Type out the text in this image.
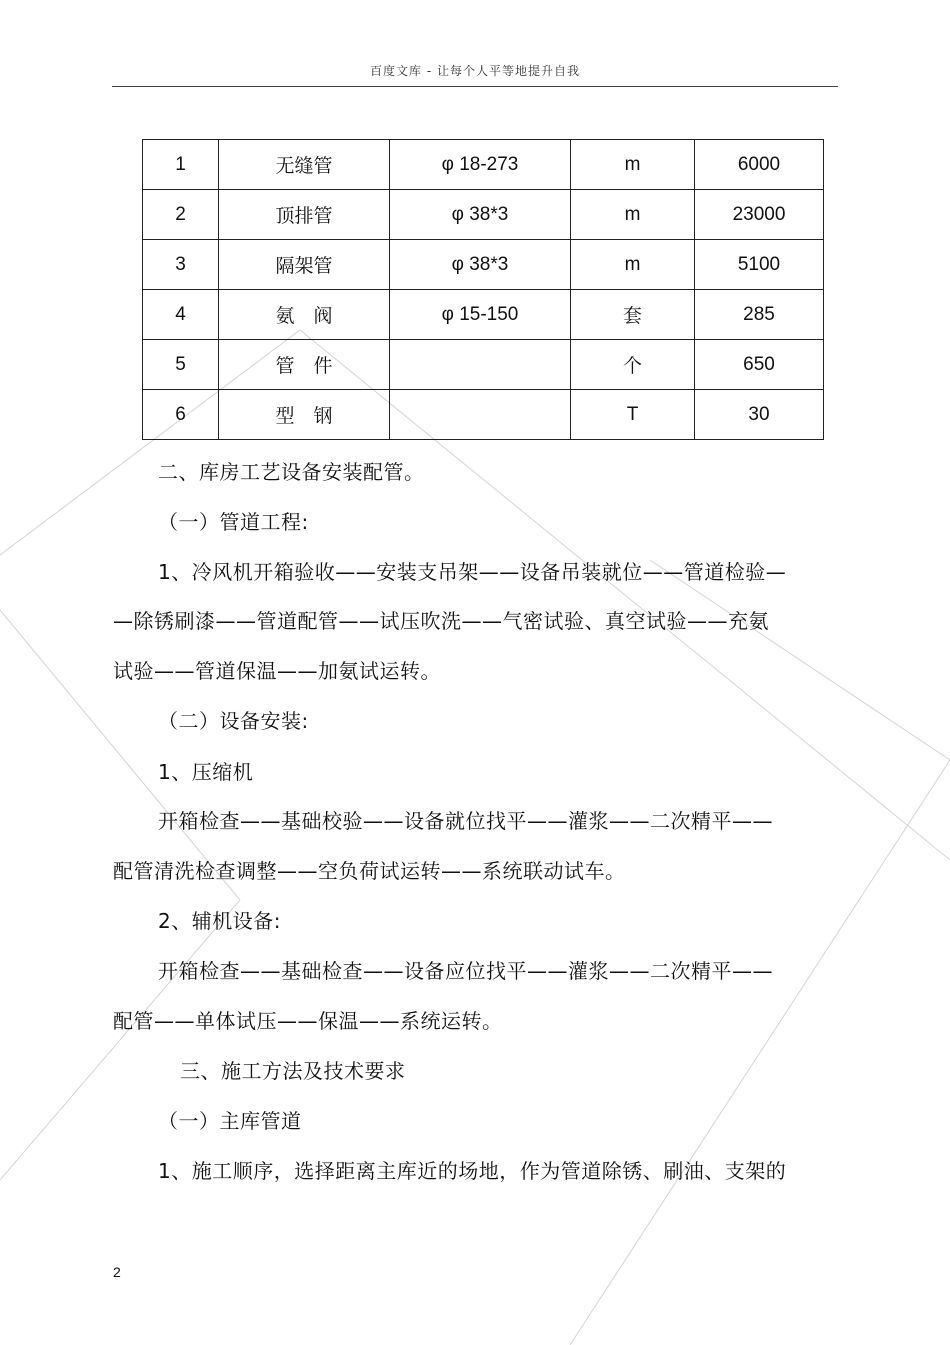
百度文库 - 让每个人平等地提升自我
1	无缝管	φ 18-273	m	6000
2	顶排管	φ 38*3	m	23000
3	隔架管	φ 38*3	m	5100
4	氨　阀	φ 15-150	套	285
5	管　件		个	650
6	型　钢		T	30
二、库房工艺设备安装配管。
（一）管道工程:
1、冷风机开箱验收——安装支吊架——设备吊装就位——管道检验—
—除锈刷漆——管道配管——试压吹洗——气密试验、真空试验——充氨
试验——管道保温——加氨试运转。
（二）设备安装:
1、压缩机
开箱检查——基础校验——设备就位找平——灌浆——二次精平——
配管清洗检查调整——空负荷试运转——系统联动试车。
2、辅机设备:
开箱检查——基础检查——设备应位找平——灌浆——二次精平——
配管——单体试压——保温——系统运转。
三、施工方法及技术要求
（一）主库管道
1、施工顺序，选择距离主库近的场地，作为管道除锈、刷油、支架的
2
